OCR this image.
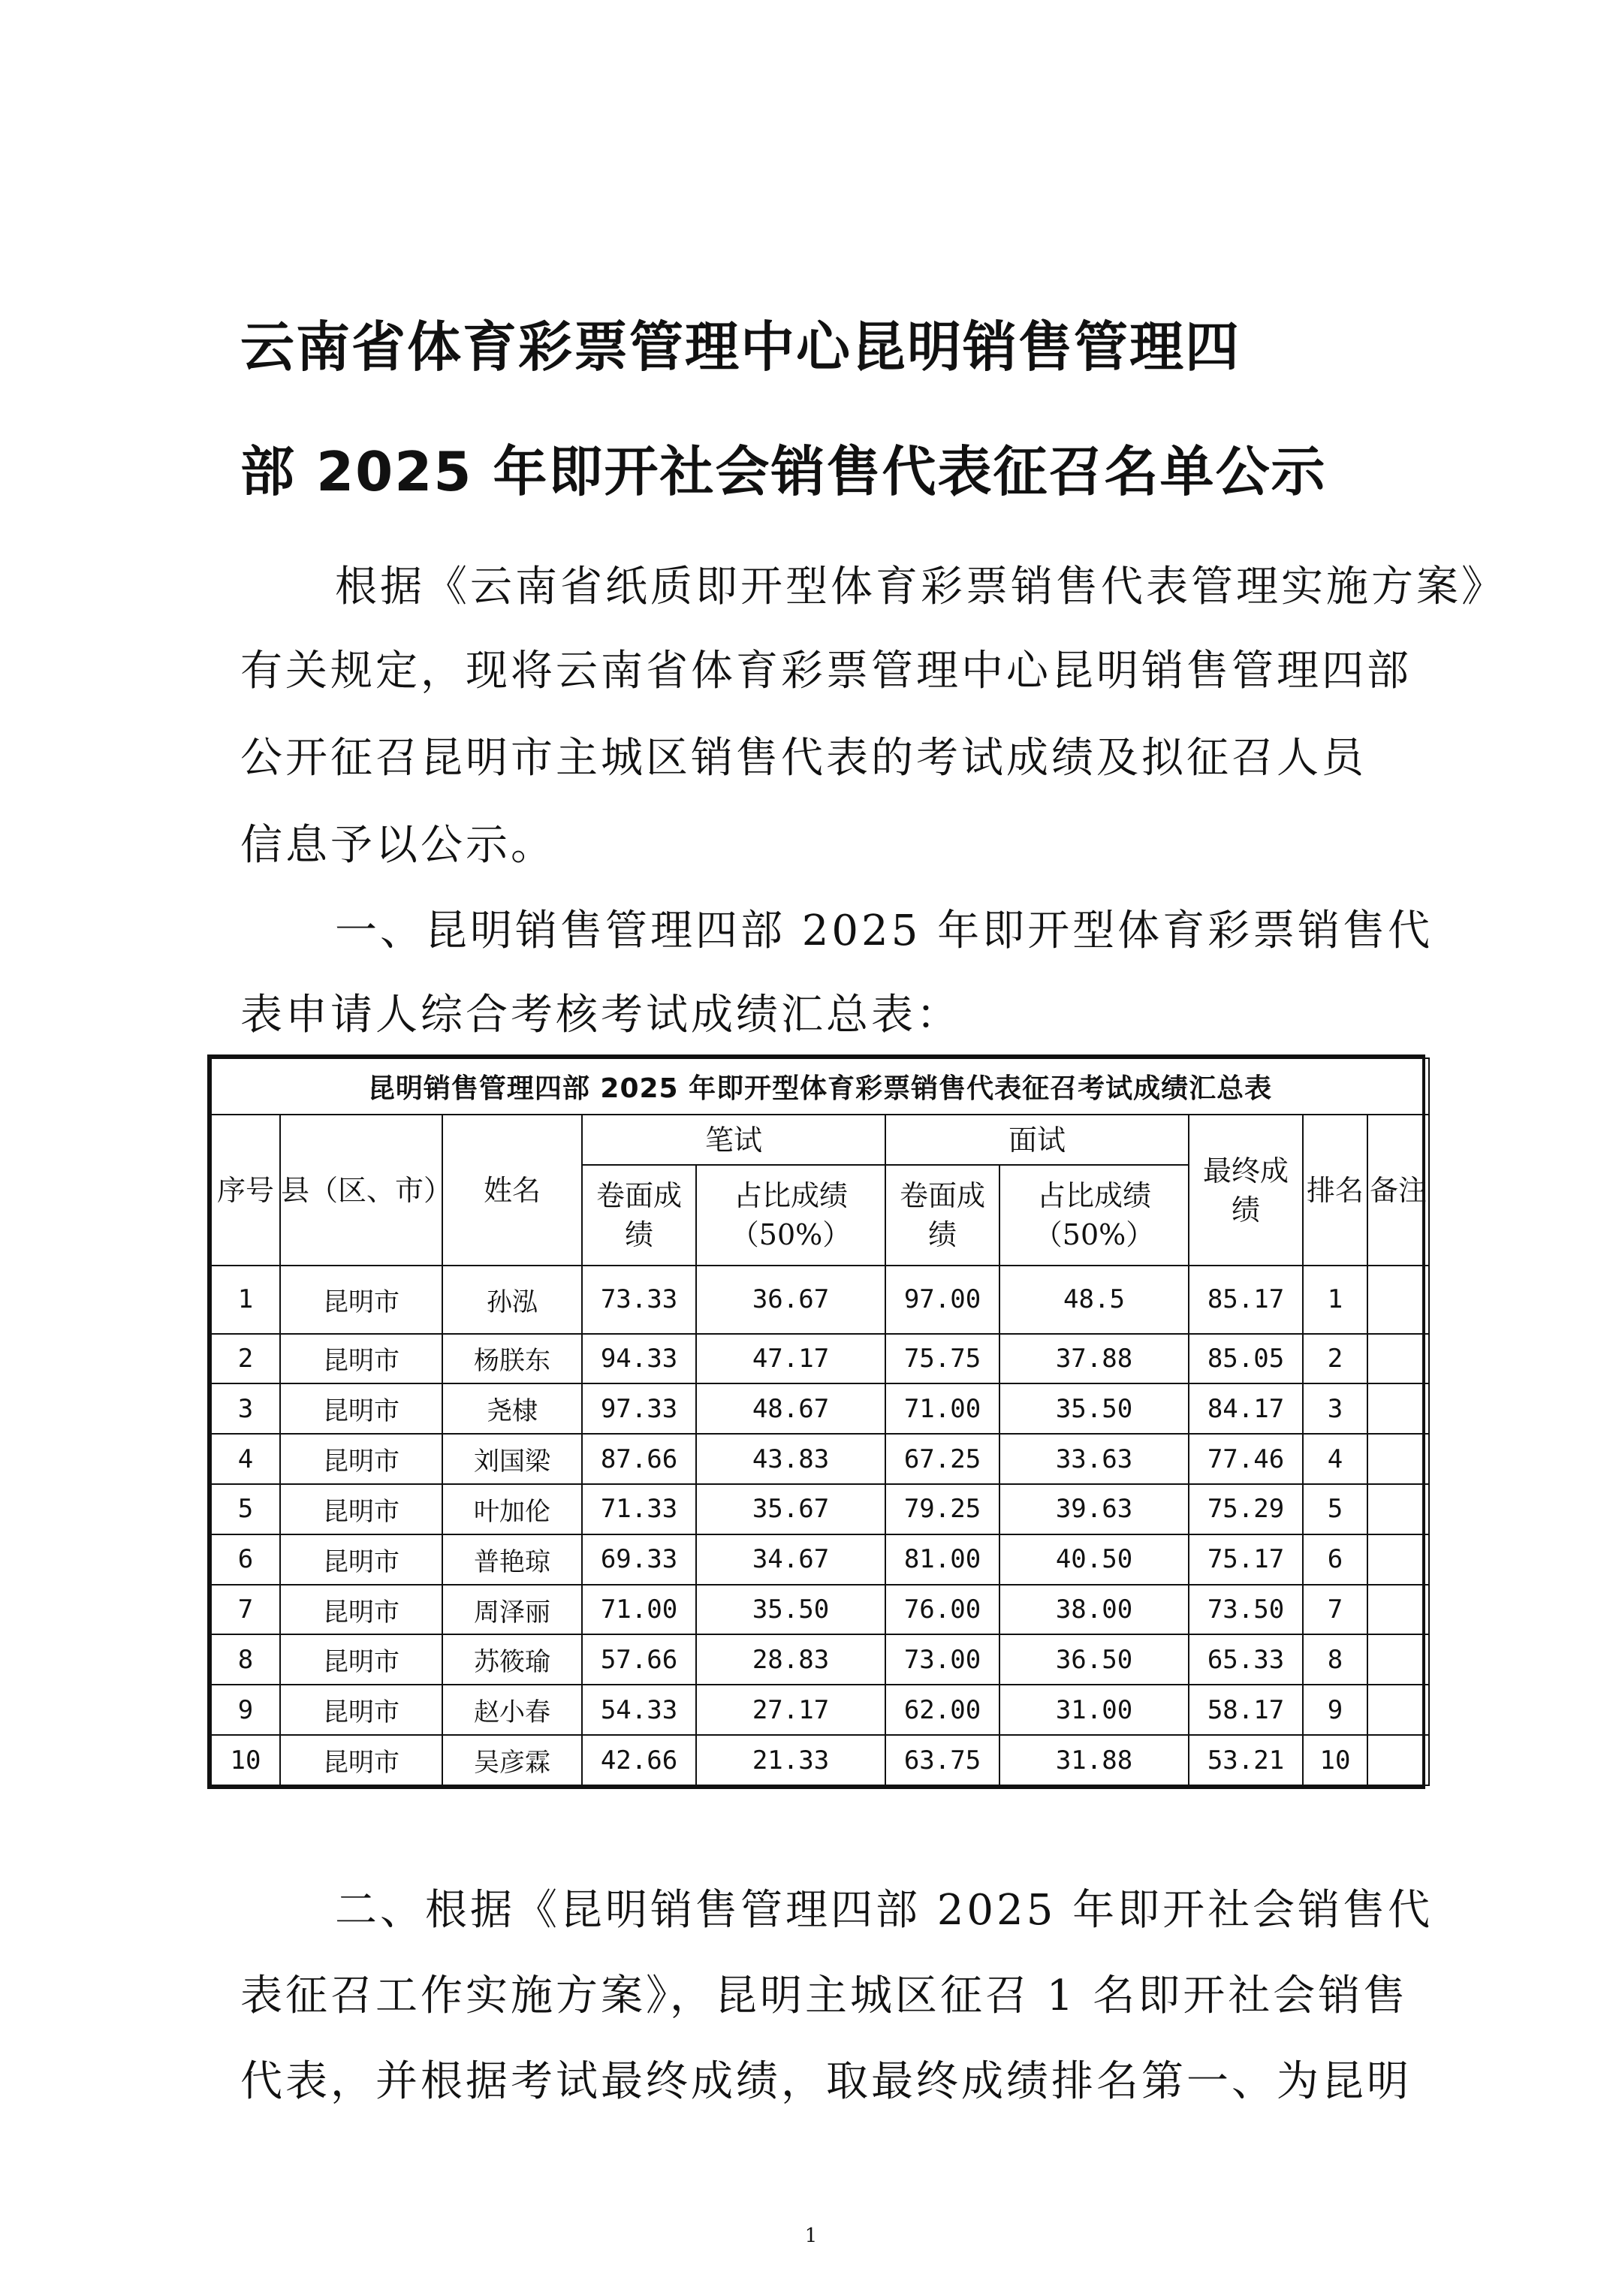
云南省体育彩票管理中心昆明销售管理四
部 2025 年即开社会销售代表征召名单公示
根据《云南省纸质即开型体育彩票销售代表管理实施方案》
有关规定，现将云南省体育彩票管理中心昆明销售管理四部
公开征召昆明市主城区销售代表的考试成绩及拟征召人员
信息予以公示。
一、昆明销售管理四部 2025 年即开型体育彩票销售代
表申请人综合考核考试成绩汇总表：
昆明销售管理四部 2025 年即开型体育彩票销售代表征召考试成绩汇总表									
序号	县（区、市）	姓名	笔试		面试		最终成绩	排名	备注
			卷面成绩	占比成绩（50%）	卷面成绩	占比成绩（50%）			
1	昆明市	孙泓	73.33	36.67	97.00	48.5	85.17	1	
2	昆明市	杨朕东	94.33	47.17	75.75	37.88	85.05	2	
3	昆明市	尧棣	97.33	48.67	71.00	35.50	84.17	3	
4	昆明市	刘国梁	87.66	43.83	67.25	33.63	77.46	4	
5	昆明市	叶加伦	71.33	35.67	79.25	39.63	75.29	5	
6	昆明市	普艳琼	69.33	34.67	81.00	40.50	75.17	6	
7	昆明市	周泽丽	71.00	35.50	76.00	38.00	73.50	7	
8	昆明市	苏筱瑜	57.66	28.83	73.00	36.50	65.33	8	
9	昆明市	赵小春	54.33	27.17	62.00	31.00	58.17	9	
10	昆明市	吴彦霖	42.66	21.33	63.75	31.88	53.21	10	
二、根据《昆明销售管理四部 2025 年即开社会销售代
表征召工作实施方案》，昆明主城区征召 1 名即开社会销售
代表，并根据考试最终成绩，取最终成绩排名第一、为昆明
1
